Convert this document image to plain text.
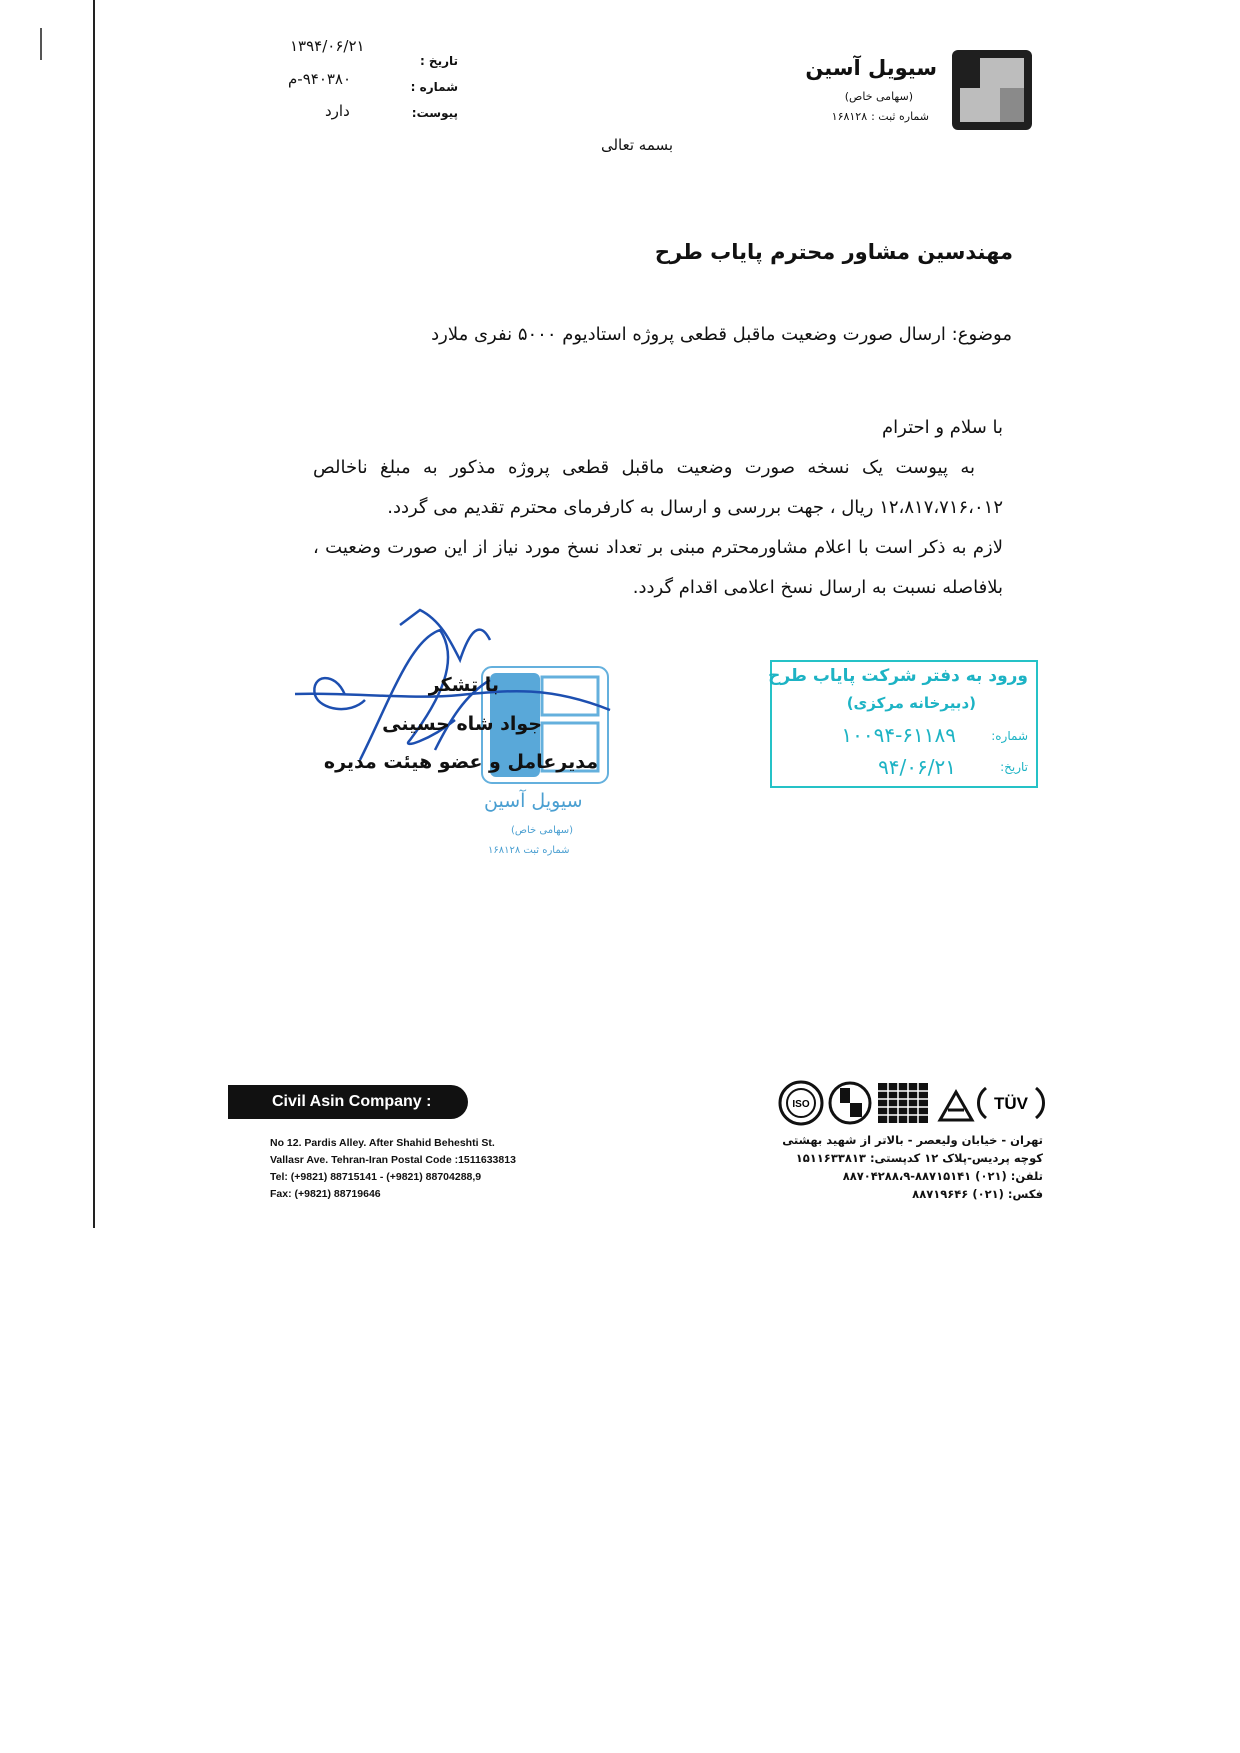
سیویل آسین
(سهامی خاص)
شماره ثبت :۱۶۸۱۲۸
تاریخ :
شماره :
پیوست:
۱۳۹۴/۰۶/۲۱
۹۴۰۳۸۰-م
دارد
بسمه تعالی
مهندسین مشاور محترم پایاب طرح
موضوع: ارسال صورت وضعیت ماقبل قطعی پروژه استادیوم ۵۰۰۰ نفری ملارد
با سلام و احترام
به پیوست یک نسخه صورت وضعیت ماقبل قطعی پروژه مذکور به مبلغ ناخالص ۱۲،۸۱۷،۷۱۶،۰۱۲ ریال ، جهت بررسی و ارسال به کارفرمای محترم تقدیم می گردد.
لازم به ذکر است با اعلام مشاورمحترم مبنی بر تعداد نسخ مورد نیاز از این صورت وضعیت ، بلافاصله نسبت به ارسال نسخ اعلامی اقدام گردد.
ورود به دفتر شرکت پایاب طرح
(دبیرخانه مرکزی)
شماره:
تاریخ:
۱۰۰۹۴-۶۱۱۸۹
۹۴/۰۶/۲۱
سیویل آسین
(سهامی خاص)
شماره ثبت ۱۶۸۱۲۸
با تشکر
جواد شاه حسینی
مدیرعامل و عضو هیئت مدیره
Civil Asin Company :
No 12. Pardis Alley. After Shahid Beheshti St.
Vallasr Ave. Tehran-Iran Postal Code :1511633813
Tel: (+9821) 88715141 - (+9821) 88704288,9
Fax: (+9821) 88719646
ISO	TÜV
تهران - خیابان ولیعصر - بالاتر از شهید بهشتی
کوچه پردیس-پلاک ۱۲ کدپستی: ۱۵۱۱۶۳۳۸۱۳
تلفن: (۰۲۱) ۸۸۷۱۵۱۴۱-۸۸۷۰۴۲۸۸،۹
فکس: (۰۲۱) ۸۸۷۱۹۶۴۶
